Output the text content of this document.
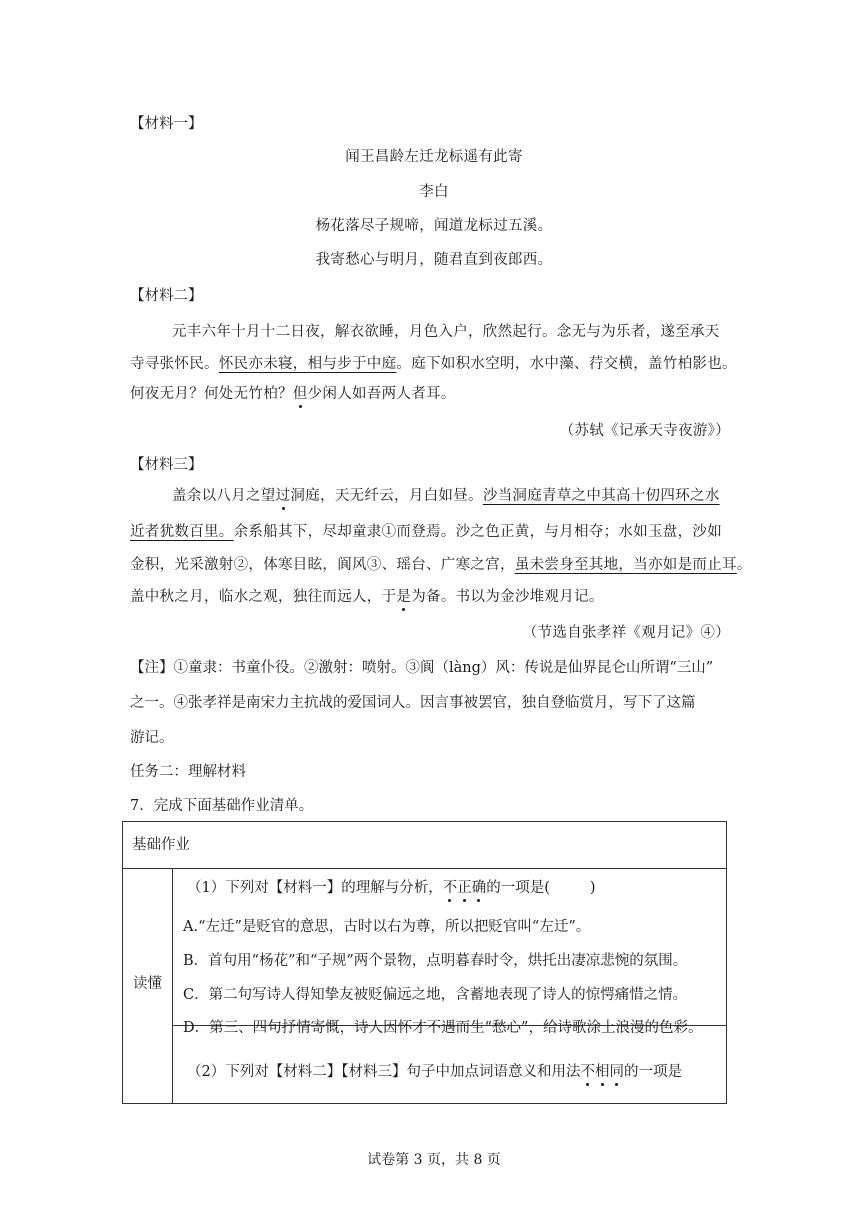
【材料一】
闻王昌龄左迁龙标遥有此寄
李白
杨花落尽子规啼，闻道龙标过五溪。
我寄愁心与明月，随君直到夜郎西。
【材料二】
元丰六年十月十二日夜，解衣欲睡，月色入户，欣然起行。念无与为乐者，遂至承天
寺寻张怀民。怀民亦未寝，相与步于中庭。庭下如积水空明，水中藻、荇交横，盖竹柏影也。
何夜无月？何处无竹柏？但少闲人如吾两人者耳。
（苏轼《记承天寺夜游》）
【材料三】
盖余以八月之望过洞庭，天无纤云，月白如昼。沙当洞庭青草之中其高十仞四环之水
近者犹数百里。余系船其下，尽却童隶①而登焉。沙之色正黄，与月相夺；水如玉盘，沙如
金积，光采激射②，体寒目眩，阆风③、瑶台、广寒之宫，虽未尝身至其地，当亦如是而止耳。
盖中秋之月，临水之观，独往而远人，于是为备。书以为金沙堆观月记。
（节选自张孝祥《观月记》④）
【注】①童隶：书童仆役。②激射：喷射。③阆（làng）风：传说是仙界昆仑山所谓“三山”
之一。④张孝祥是南宋力主抗战的爱国词人。因言事被罢官，独自登临赏月，写下了这篇
游记。
任务二：理解材料
7．完成下面基础作业清单。
基础作业
读懂
（1）下列对【材料一】的理解与分析，不正确的一项是(	)
A.“左迁”是贬官的意思，古时以右为尊，所以把贬官叫“左迁”。
B．首句用“杨花”和“子规”两个景物，点明暮春时令，烘托出凄凉悲惋的氛围。
C．第二句写诗人得知挚友被贬偏远之地，含蓄地表现了诗人的惊愕痛惜之情。
D．第三、四句抒情寄慨，诗人因怀才不遇而生“愁心”，给诗歌涂上浪漫的色彩。
（2）下列对【材料二】【材料三】句子中加点词语意义和用法不相同的一项是
试卷第 3 页，共 8 页
